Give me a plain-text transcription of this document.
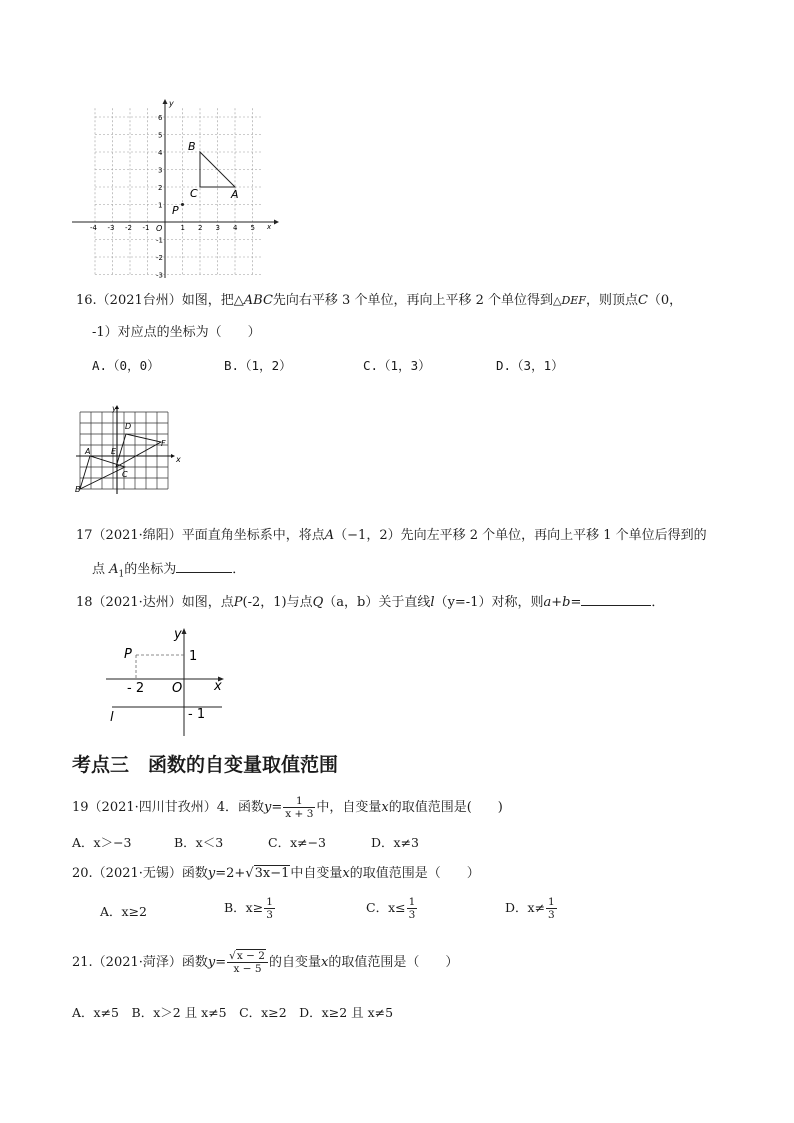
x
y
O
-4 -3 -2 -1	1 2 3 4 5
6
5
4
3
2
1
-1
-2
-3
B
C	A
P
16.（2021台州）如图，把△ABC先向右平移 3 个单位，再向上平移 2 个单位得到△DEF，则顶点C（0，
-1）对应点的坐标为（　　）
A.（0，0）	B.（1，2）	C.（1，3）	D.（3，1）
x
y
D
F
A	E
B
C
17（2021·绵阳）平面直角坐标系中，将点A（−1，2）先向左平移 2 个单位，再向上平移 1 个单位后得到的
点 $A_1$的坐标为	．
18（2021·达州）如图，点P(-2，1)与点Q（a，b）关于直线l（y=-1）对称，则a+b=	．
y
P	1
- 2 O x
l	- 1
考点三　函数的自变量取值范围
19（2021·四川甘孜州）4．函数$y= \frac{1}{x + 3}$ 中，自变量x的取值范围是(　　)
A．x＞−3	B．x＜3	C．x≠−3	D．x≠3
20.（2021·无锡）函数y=2+√3x−1中自变量x的取值范围是（　　）
A．x≥2	B．$x\ge \frac{1}{3}$	C．$x\le \frac{1}{3}$	D．$x\ne \frac{1}{3}$
21.（2021·菏泽）函数$y= \frac{√x - 2}{x - 5}$ 的自变量x的取值范围是（　　）
A．x≠5　B．x＞2 且 x≠5　C．x≥2　D．x≥2 且 x≠5
